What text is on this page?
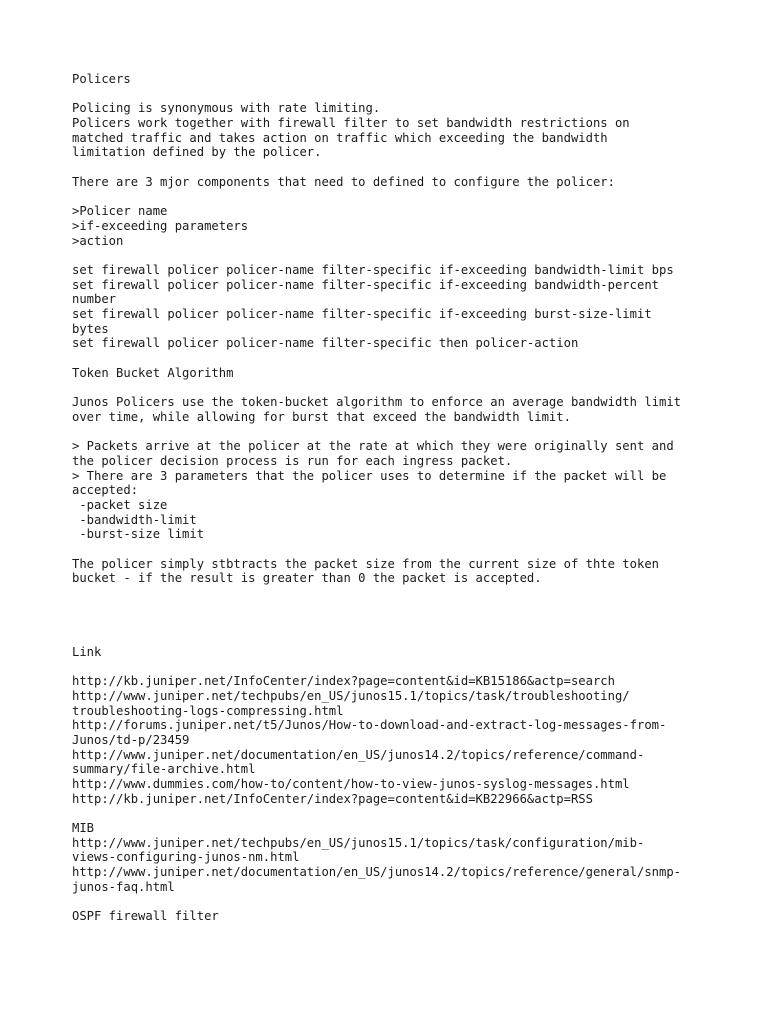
Policers
Policing is synonymous with rate limiting.
Policers work together with firewall filter to set bandwidth restrictions on
matched traffic and takes action on traffic which exceeding the bandwidth
limitation defined by the policer.
There are 3 mjor components that need to defined to configure the policer:
>Policer name
>if-exceeding parameters
>action
set firewall policer policer-name filter-specific if-exceeding bandwidth-limit bps
set firewall policer policer-name filter-specific if-exceeding bandwidth-percent
number
set firewall policer policer-name filter-specific if-exceeding burst-size-limit
bytes
set firewall policer policer-name filter-specific then policer-action
Token Bucket Algorithm
Junos Policers use the token-bucket algorithm to enforce an average bandwidth limit
over time, while allowing for burst that exceed the bandwidth limit.
> Packets arrive at the policer at the rate at which they were originally sent and
the policer decision process is run for each ingress packet.
> There are 3 parameters that the policer uses to determine if the packet will be
accepted:
-packet size
-bandwidth-limit
-burst-size limit
The policer simply stbtracts the packet size from the current size of thte token
bucket - if the result is greater than 0 the packet is accepted.
Link
http://kb.juniper.net/InfoCenter/index?page=content&id=KB15186&actp=search
http://www.juniper.net/techpubs/en_US/junos15.1/topics/task/troubleshooting/
troubleshooting-logs-compressing.html
http://forums.juniper.net/t5/Junos/How-to-download-and-extract-log-messages-from-
Junos/td-p/23459
http://www.juniper.net/documentation/en_US/junos14.2/topics/reference/command-
summary/file-archive.html
http://www.dummies.com/how-to/content/how-to-view-junos-syslog-messages.html
http://kb.juniper.net/InfoCenter/index?page=content&id=KB22966&actp=RSS
MIB
http://www.juniper.net/techpubs/en_US/junos15.1/topics/task/configuration/mib-
views-configuring-junos-nm.html
http://www.juniper.net/documentation/en_US/junos14.2/topics/reference/general/snmp-
junos-faq.html
OSPF firewall filter
